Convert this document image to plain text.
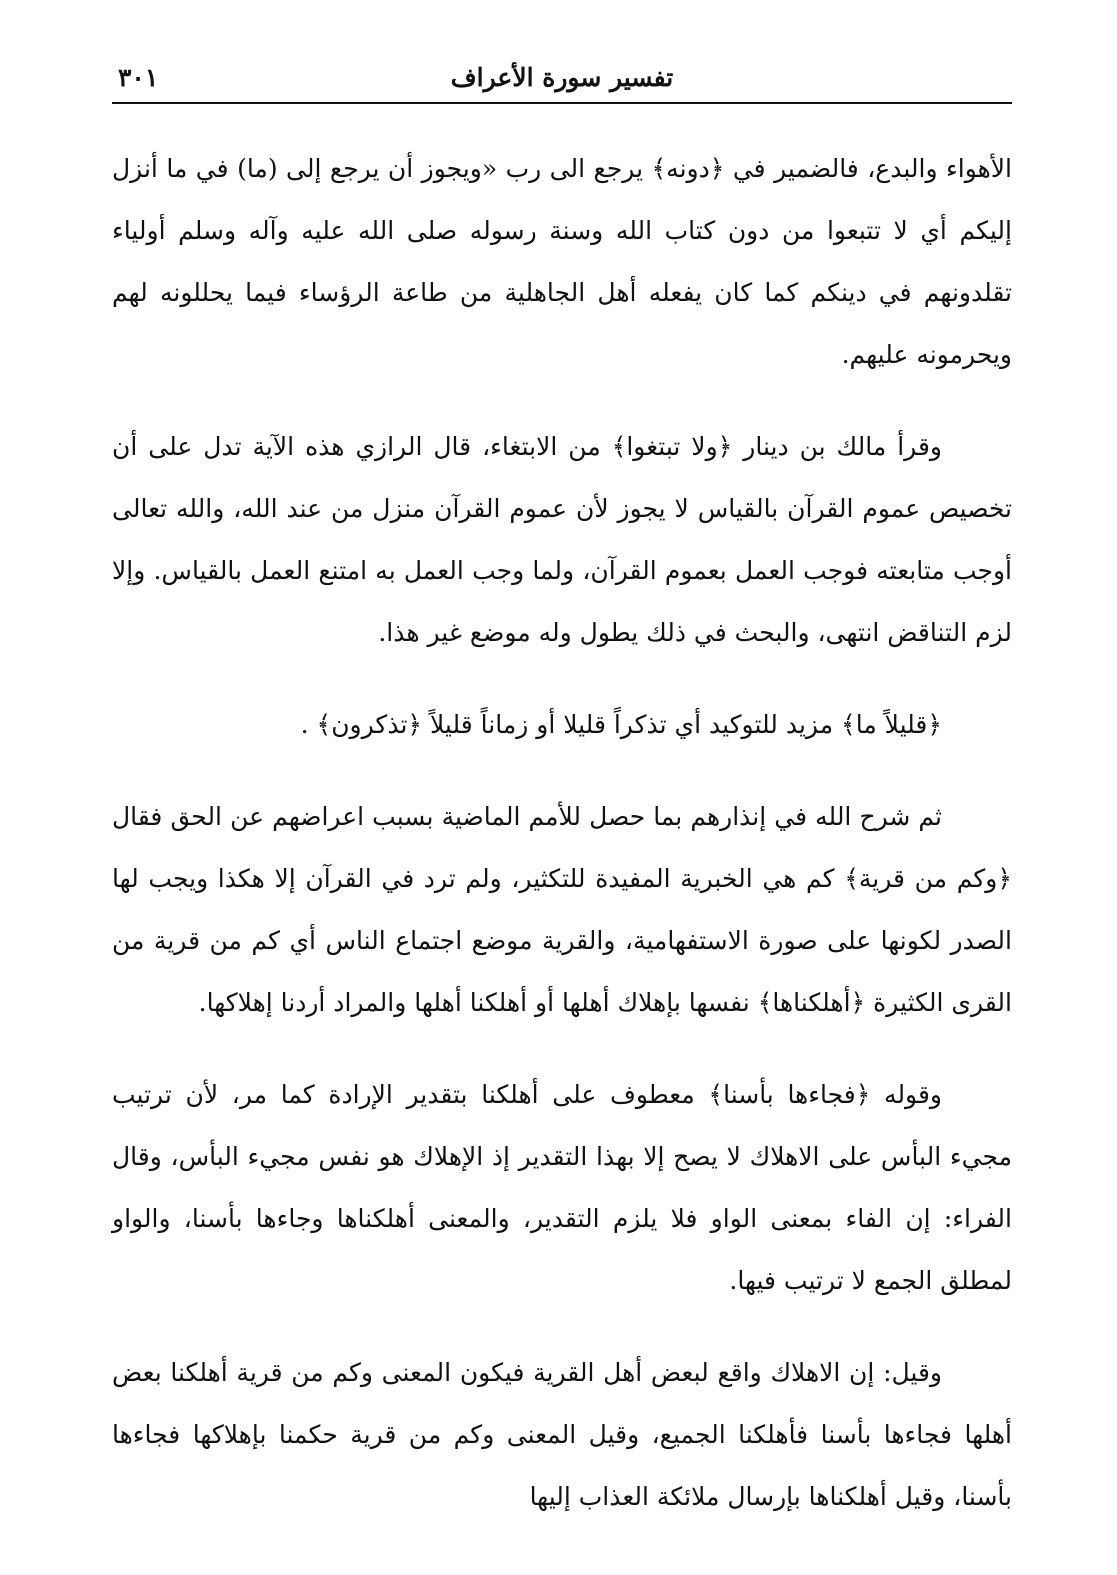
تفسير سورة الأعراف
٣٠١

الأهواء والبدع، فالضمير في ﴿دونه﴾ يرجع الى رب «ويجوز أن يرجع إلى (ما) في ما أنزل إليكم أي لا تتبعوا من دون كتاب الله وسنة رسوله صلى الله عليه وآله وسلم أولياء تقلدونهم في دينكم كما كان يفعله أهل الجاهلية من طاعة الرؤساء فيما يحللونه لهم ويحرمونه عليهم.

وقرأ مالك بن دينار ﴿ولا تبتغوا﴾ من الابتغاء، قال الرازي هذه الآية تدل على أن تخصيص عموم القرآن بالقياس لا يجوز لأن عموم القرآن منزل من عند الله، والله تعالى أوجب متابعته فوجب العمل بعموم القرآن، ولما وجب العمل به امتنع العمل بالقياس. وإلا لزم التناقض انتهى، والبحث في ذلك يطول وله موضع غير هذا.

﴿قليلاً ما﴾ مزيد للتوكيد أي تذكراً قليلا أو زماناً قليلاً ﴿تذكرون﴾ .

ثم شرح الله في إنذارهم بما حصل للأمم الماضية بسبب اعراضهم عن الحق فقال ﴿وكم من قرية﴾ كم هي الخبرية المفيدة للتكثير، ولم ترد في القرآن إلا هكذا ويجب لها الصدر لكونها على صورة الاستفهامية، والقرية موضع اجتماع الناس أي كم من قرية من القرى الكثيرة ﴿أهلكناها﴾ نفسها بإهلاك أهلها أو أهلكنا أهلها والمراد أردنا إهلاكها.

وقوله ﴿فجاءها بأسنا﴾ معطوف على أهلكنا بتقدير الإرادة كما مر، لأن ترتيب مجيء البأس على الاهلاك لا يصح إلا بهذا التقدير إذ الإهلاك هو نفس مجيء البأس، وقال الفراء: إن الفاء بمعنى الواو فلا يلزم التقدير، والمعنى أهلكناها وجاءها بأسنا، والواو لمطلق الجمع لا ترتيب فيها.

وقيل: إن الاهلاك واقع لبعض أهل القرية فيكون المعنى وكم من قرية أهلكنا بعض أهلها فجاءها بأسنا فأهلكنا الجميع، وقيل المعنى وكم من قرية حكمنا بإهلاكها فجاءها بأسنا، وقيل أهلكناها بإرسال ملائكة العذاب إليها
